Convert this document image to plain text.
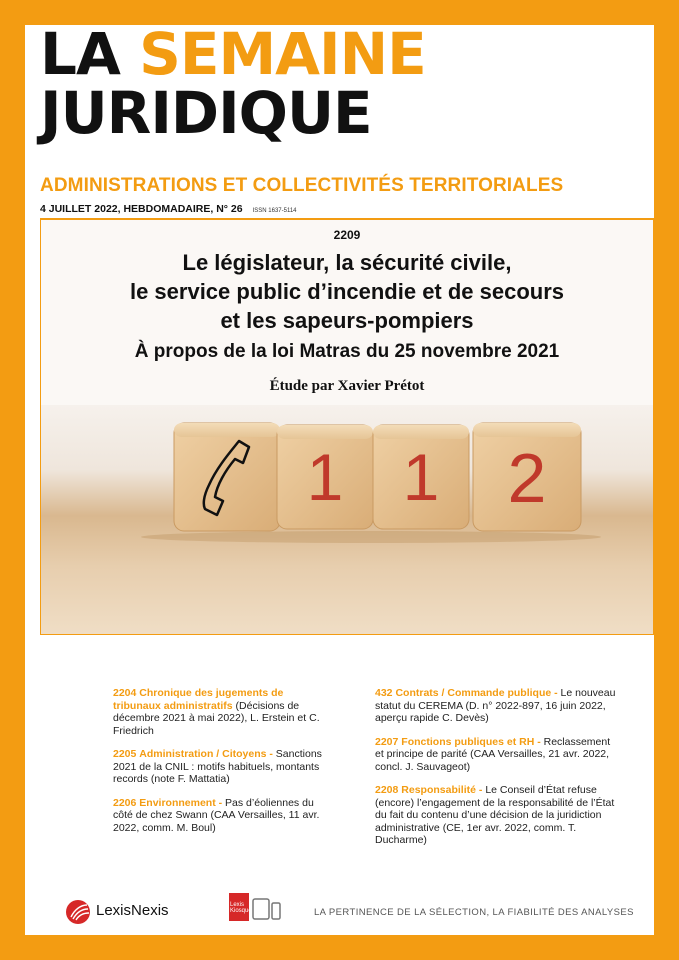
LA SEMAINE
JURIDIQUE
ADMINISTRATIONS ET COLLECTIVITÉS TERRITORIALES
4 JUILLET 2022, HEBDOMADAIRE, N° 26 ISSN 1637-5114
2209
Le législateur, la sécurité civile,
le service public d’incendie et de secours
et les sapeurs-pompiers
À propos de la loi Matras du 25 novembre 2021
Étude par Xavier Prétot
1 1 2
2204 Chronique des jugements de tribunaux administratifs (Décisions de décembre 2021 à mai 2022), L. Erstein et C. Friedrich
2205 Administration / Citoyens - Sanctions 2021 de la CNIL : motifs habituels, montants records (note F. Mattatia)
2206 Environnement - Pas d’éoliennes du côté de chez Swann (CAA Versailles, 11 avr. 2022, comm. M. Boul)
432 Contrats / Commande publique - Le nouveau statut du CEREMA (D. n° 2022-897, 16 juin 2022, aperçu rapide C. Devès)
2207 Fonctions publiques et RH - Reclassement et principe de parité (CAA Versailles, 21 avr. 2022, concl. J. Sauvageot)
2208 Responsabilité - Le Conseil d’État refuse (encore) l’engagement de la responsabilité de l’État du fait du contenu d’une décision de la juridiction administrative (CE, 1er avr. 2022, comm. T. Ducharme)
LexisNexis	Lexis Kiosque	LA PERTINENCE DE LA SÉLECTION, LA FIABILITÉ DES ANALYSES
